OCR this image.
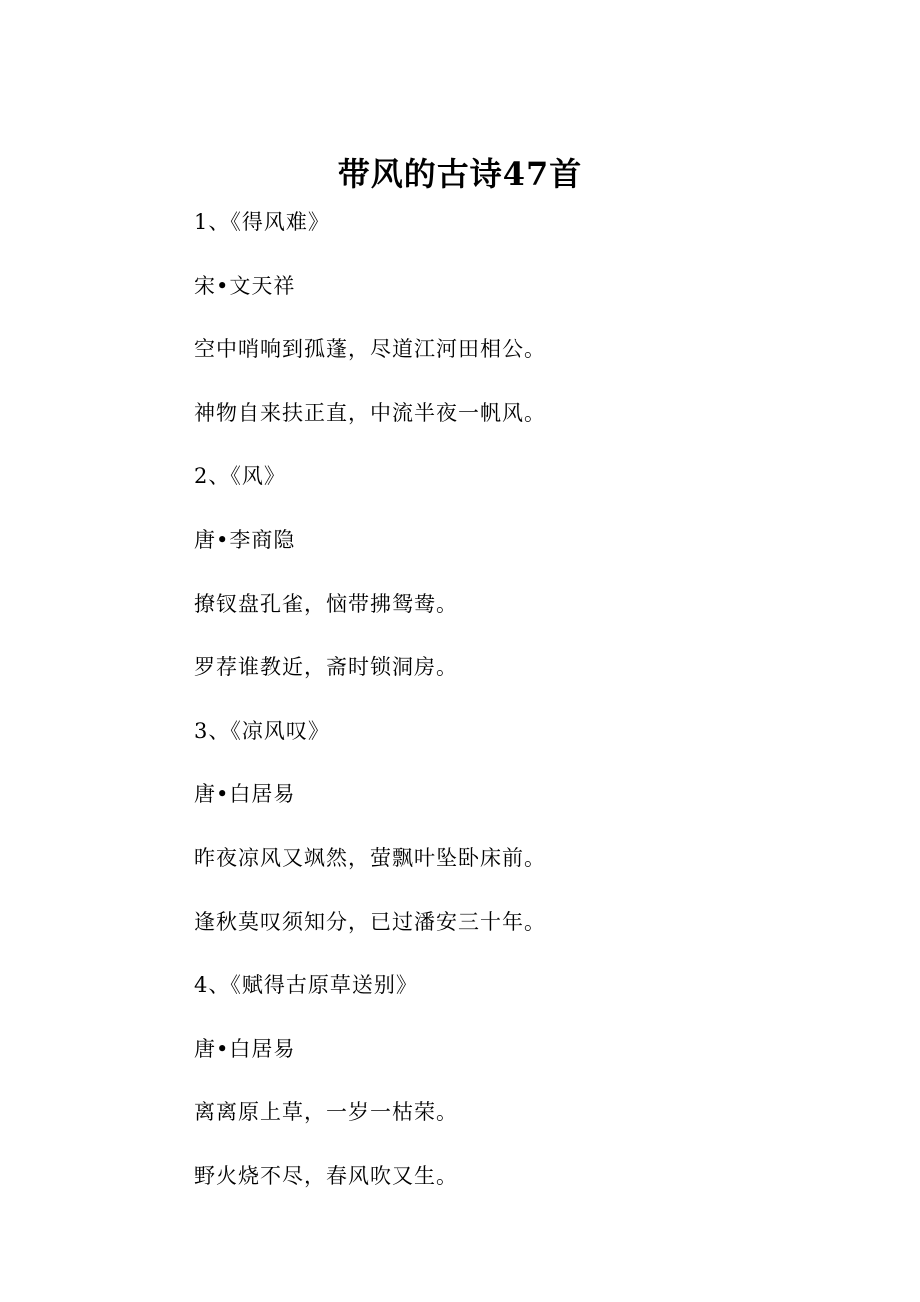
带风的古诗47首

1、《得风难》

宋•文天祥

空中哨响到孤蓬，尽道江河田相公。

神物自来扶正直，中流半夜一帆风。

2、《风》

唐•李商隐

撩钗盘孔雀，恼带拂鸳鸯。

罗荐谁教近，斋时锁洞房。

3、《凉风叹》

唐•白居易

昨夜凉风又飒然，萤飘叶坠卧床前。

逢秋莫叹须知分，已过潘安三十年。

4、《赋得古原草送别》

唐•白居易

离离原上草，一岁一枯荣。

野火烧不尽，春风吹又生。
